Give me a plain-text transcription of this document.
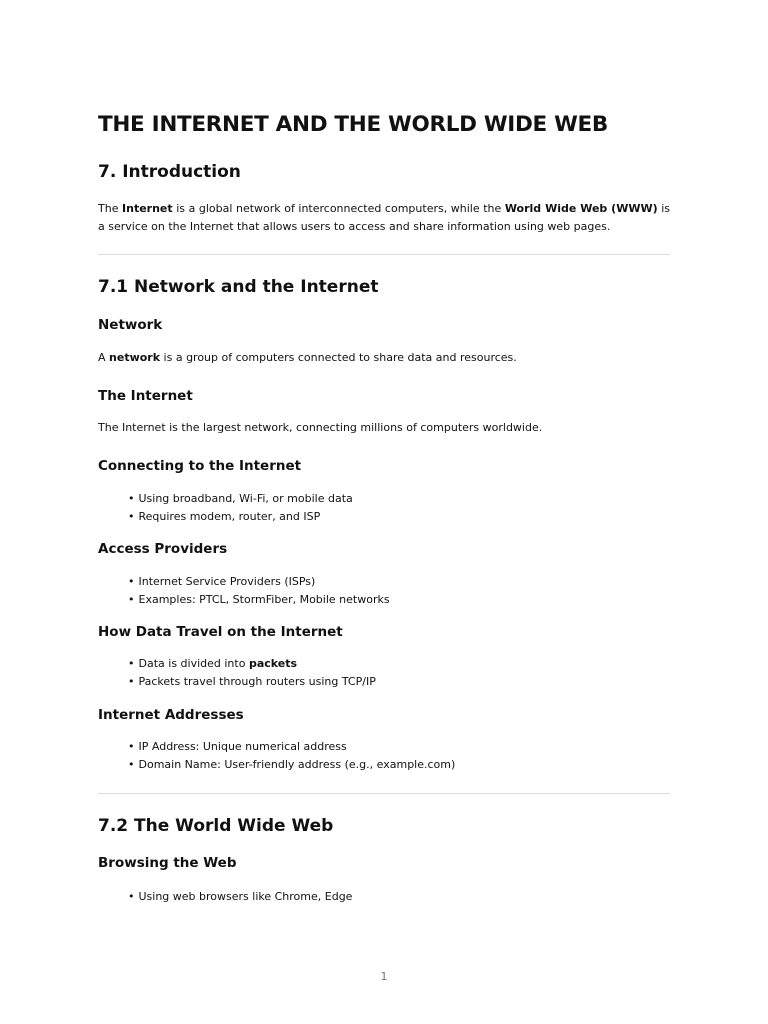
THE INTERNET AND THE WORLD WIDE WEB
7. Introduction

The Internet is a global network of interconnected computers, while the World Wide Web (WWW) is a service on the Internet that allows users to access and share information using web pages.

7.1 Network and the Internet
Network

A network is a group of computers connected to share data and resources.

The Internet

The Internet is the largest network, connecting millions of computers worldwide.

Connecting to the Internet
• Using broadband, Wi-Fi, or mobile data
• Requires modem, router, and ISP
Access Providers
• Internet Service Providers (ISPs)
• Examples: PTCL, StormFiber, Mobile networks
How Data Travel on the Internet
• Data is divided into packets
• Packets travel through routers using TCP/IP
Internet Addresses
• IP Address: Unique numerical address
• Domain Name: User-friendly address (e.g., example.com)
7.2 The World Wide Web
Browsing the Web
• Using web browsers like Chrome, Edge
1
